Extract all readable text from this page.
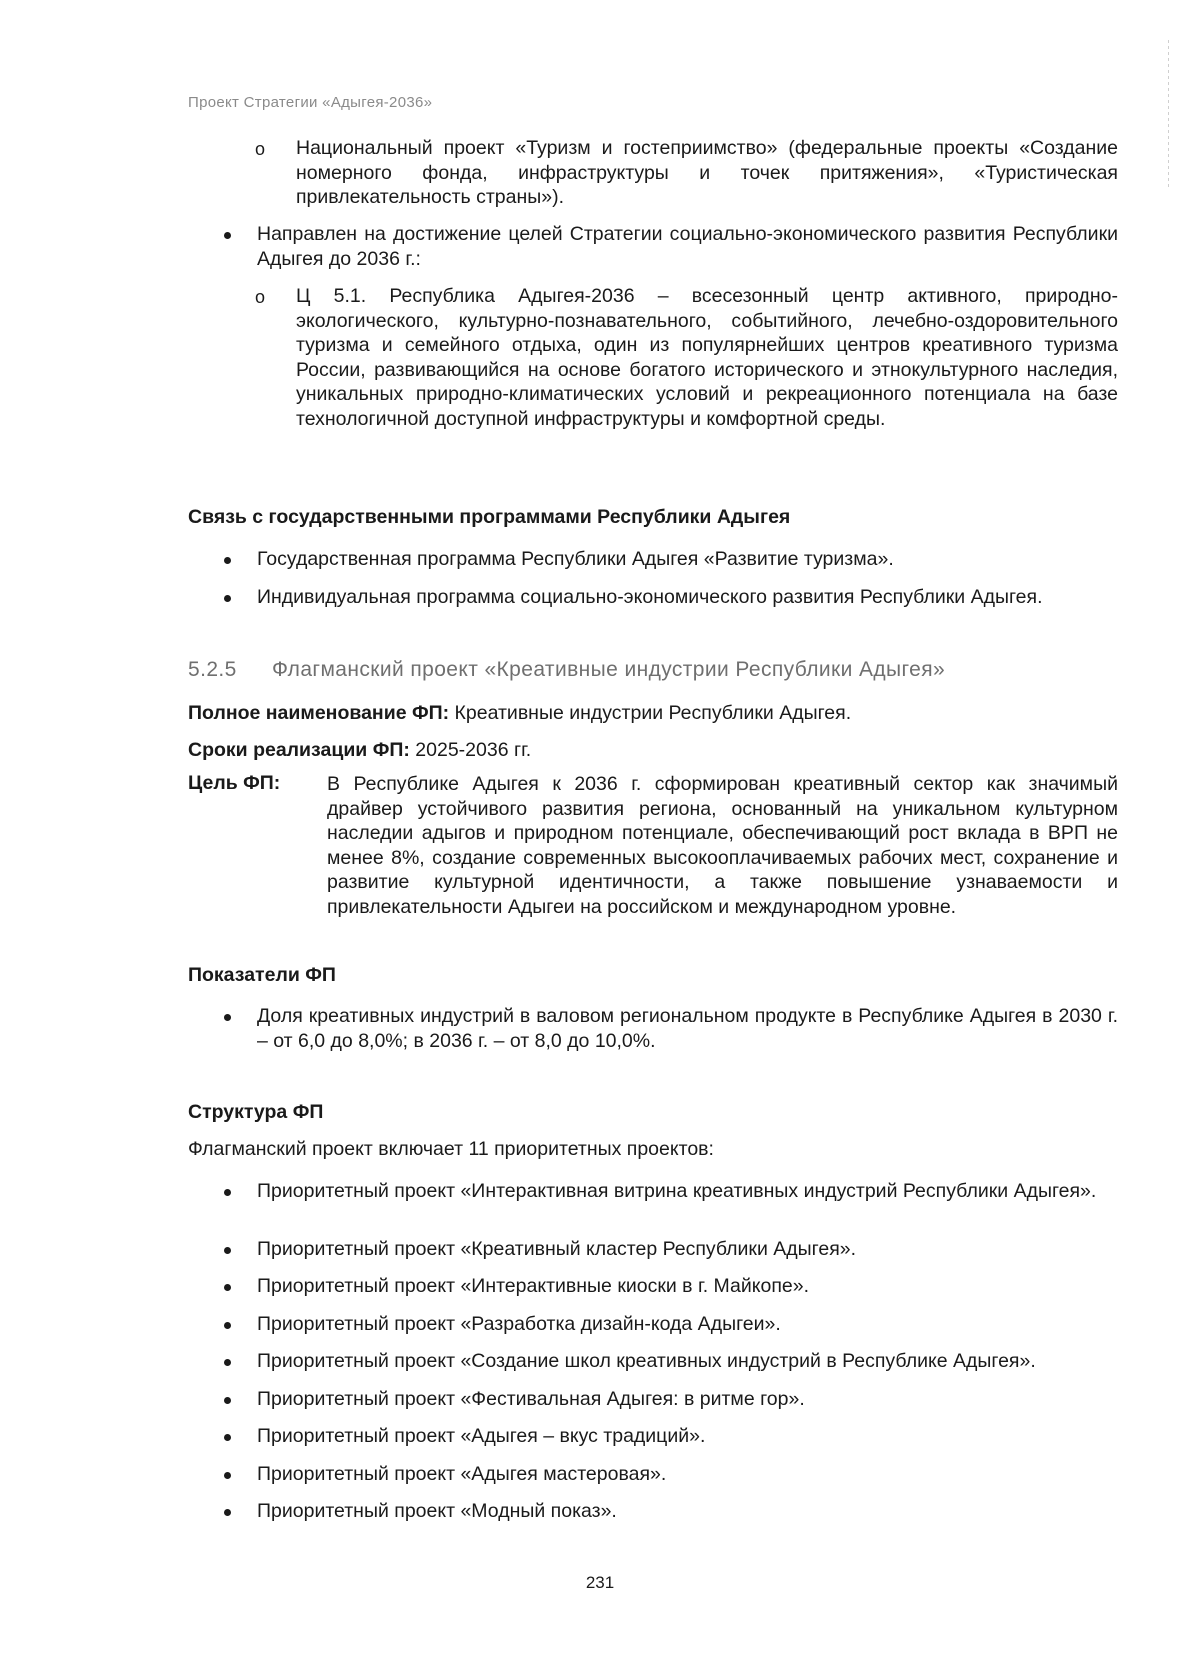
Проект Стратегии «Адыгея-2036»
o Национальный проект «Туризм и гостеприимство» (федеральные проекты «Создание номерного фонда, инфраструктуры и точек притяжения», «Туристическая привлекательность страны»).
Направлен на достижение целей Стратегии социально-экономического развития Республики Адыгея до 2036 г.:
o Ц 5.1. Республика Адыгея-2036 – всесезонный центр активного, природно-экологического, культурно-познавательного, событийного, лечебно-оздоровительного туризма и семейного отдыха, один из популярнейших центров креативного туризма России, развивающийся на основе богатого исторического и этнокультурного наследия, уникальных природно-климатических условий и рекреационного потенциала на базе технологичной доступной инфраструктуры и комфортной среды.
Связь с государственными программами Республики Адыгея
Государственная программа Республики Адыгея «Развитие туризма».
Индивидуальная программа социально-экономического развития Республики Адыгея.
5.2.5 Флагманский проект «Креативные индустрии Республики Адыгея»
Полное наименование ФП: Креативные индустрии Республики Адыгея.
Сроки реализации ФП: 2025-2036 гг.
Цель ФП: В Республике Адыгея к 2036 г. сформирован креативный сектор как значимый драйвер устойчивого развития региона, основанный на уникальном культурном наследии адыгов и природном потенциале, обеспечивающий рост вклада в ВРП не менее 8%, создание современных высокооплачиваемых рабочих мест, сохранение и развитие культурной идентичности, а также повышение узнаваемости и привлекательности Адыгеи на российском и международном уровне.
Показатели ФП
Доля креативных индустрий в валовом региональном продукте в Республике Адыгея в 2030 г. – от 6,0 до 8,0%; в 2036 г. – от 8,0 до 10,0%.
Структура ФП
Флагманский проект включает 11 приоритетных проектов:
Приоритетный проект «Интерактивная витрина креативных индустрий Республики Адыгея».
Приоритетный проект «Креативный кластер Республики Адыгея».
Приоритетный проект «Интерактивные киоски в г. Майкопе».
Приоритетный проект «Разработка дизайн-кода Адыгеи».
Приоритетный проект «Создание школ креативных индустрий в Республике Адыгея».
Приоритетный проект «Фестивальная Адыгея: в ритме гор».
Приоритетный проект «Адыгея – вкус традиций».
Приоритетный проект «Адыгея мастеровая».
Приоритетный проект «Модный показ».
231
